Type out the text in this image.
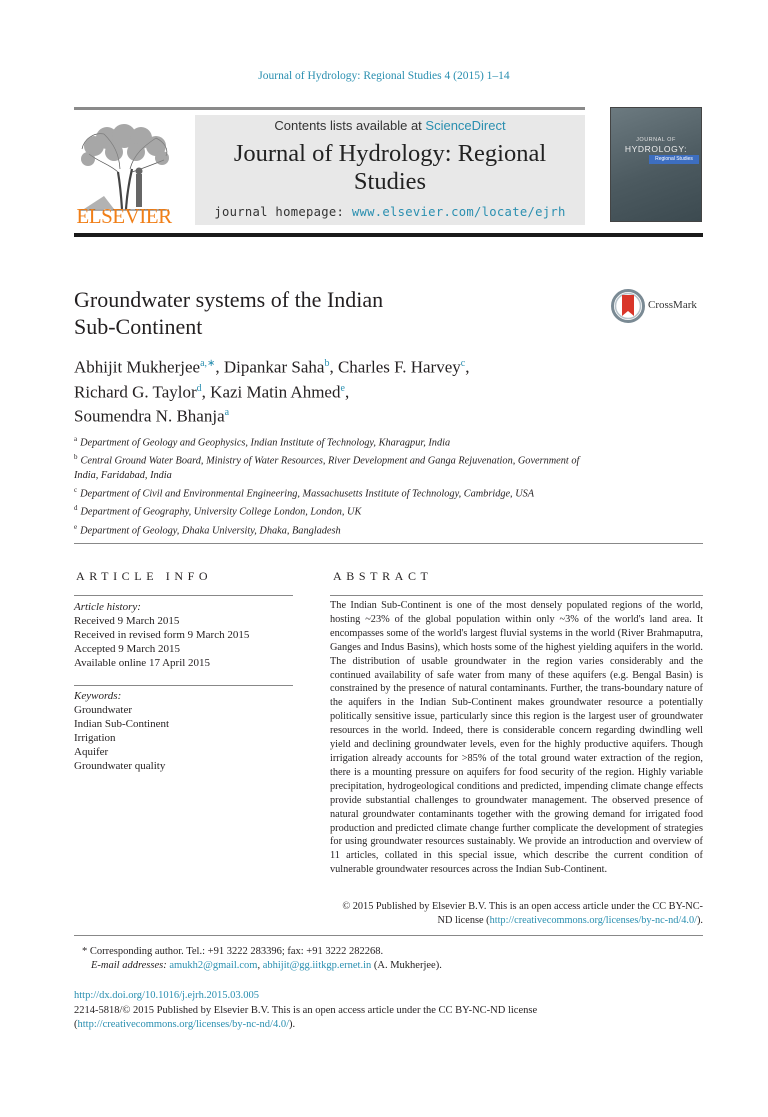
Journal of Hydrology: Regional Studies 4 (2015) 1–14
ELSEVIER
Contents lists available at ScienceDirect
Journal of Hydrology: Regional Studies
journal homepage: www.elsevier.com/locate/ejrh
JOURNAL OF
HYDROLOGY:
Regional Studies
Groundwater systems of the Indian
Sub-Continent
CrossMark
Abhijit Mukherjee$^{a,∗}$, Dipankar Saha$^b$, Charles F. Harvey$^c$,
Richard G. Taylor$^d$, Kazi Matin Ahmed$^e$,
Soumendra N. Bhanja$^a$
$^a$ Department of Geology and Geophysics, Indian Institute of Technology, Kharagpur, India
$^b$ Central Ground Water Board, Ministry of Water Resources, River Development and Ganga Rejuvenation, Government of India, Faridabad, India
$^c$ Department of Civil and Environmental Engineering, Massachusetts Institute of Technology, Cambridge, USA
$^d$ Department of Geography, University College London, London, UK
$^e$ Department of Geology, Dhaka University, Dhaka, Bangladesh
ARTICLE INFO
Article history:
Received 9 March 2015
Received in revised form 9 March 2015
Accepted 9 March 2015
Available online 17 April 2015
Keywords:
Groundwater
Indian Sub-Continent
Irrigation
Aquifer
Groundwater quality
ABSTRACT
The Indian Sub-Continent is one of the most densely populated regions of the world, hosting ~23% of the global population within only ~3% of the world's land area. It encompasses some of the world's largest fluvial systems in the world (River Brahmaputra, Ganges and Indus Basins), which hosts some of the highest yielding aquifers in the world. The distribution of usable groundwater in the region varies considerably and the continued availability of safe water from many of these aquifers (e.g. Bengal Basin) is constrained by the presence of natural contaminants. Further, the trans-boundary nature of the aquifers in the Indian Sub-Continent makes groundwater resource a potentially politically sensitive issue, particularly since this region is the largest user of groundwater resources in the world. Indeed, there is considerable concern regarding dwindling well yield and declining groundwater levels, even for the highly productive aquifers. Though irrigation already accounts for >85% of the total ground water extraction of the region, there is a mounting pressure on aquifers for food security of the region. Highly variable precipitation, hydrogeological conditions and predicted, impending climate change effects provide substantial challenges to groundwater management. The observed presence of natural groundwater contaminants together with the growing demand for irrigated food production and predicted climate change further complicate the development of strategies for using groundwater resources sustainably. We provide an introduction and overview of 11 articles, collated in this special issue, which describe the current condition of vulnerable groundwater resources across the Indian Sub-Continent.
© 2015 Published by Elsevier B.V. This is an open access article under the CC BY-NC-ND license (http://creativecommons.org/licenses/by-nc-nd/4.0/).
* Corresponding author. Tel.: +91 3222 283396; fax: +91 3222 282268.
E-mail addresses: amukh2@gmail.com, abhijit@gg.iitkgp.ernet.in (A. Mukherjee).
http://dx.doi.org/10.1016/j.ejrh.2015.03.005
2214-5818/© 2015 Published by Elsevier B.V. This is an open access article under the CC BY-NC-ND license (http://creativecommons.org/licenses/by-nc-nd/4.0/).
